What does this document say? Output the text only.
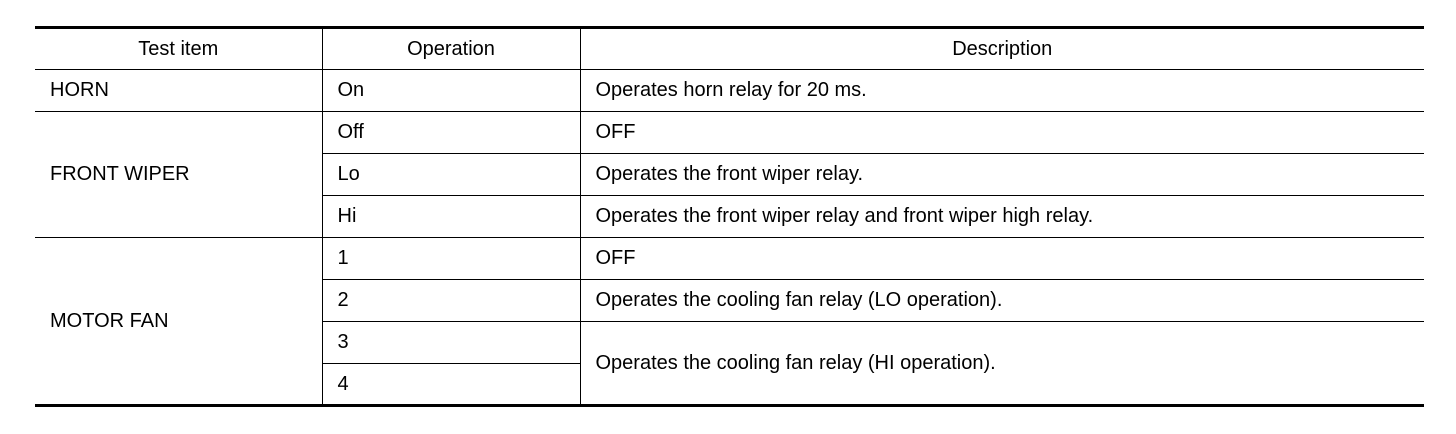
Test item	Operation	Description
HORN	On	Operates horn relay for 20 ms.
FRONT WIPER	Off	OFF
	Lo	Operates the front wiper relay.
	Hi	Operates the front wiper relay and front wiper high relay.
MOTOR FAN	1	OFF
	2	Operates the cooling fan relay (LO operation).
	3	Operates the cooling fan relay (HI operation).
	4	
